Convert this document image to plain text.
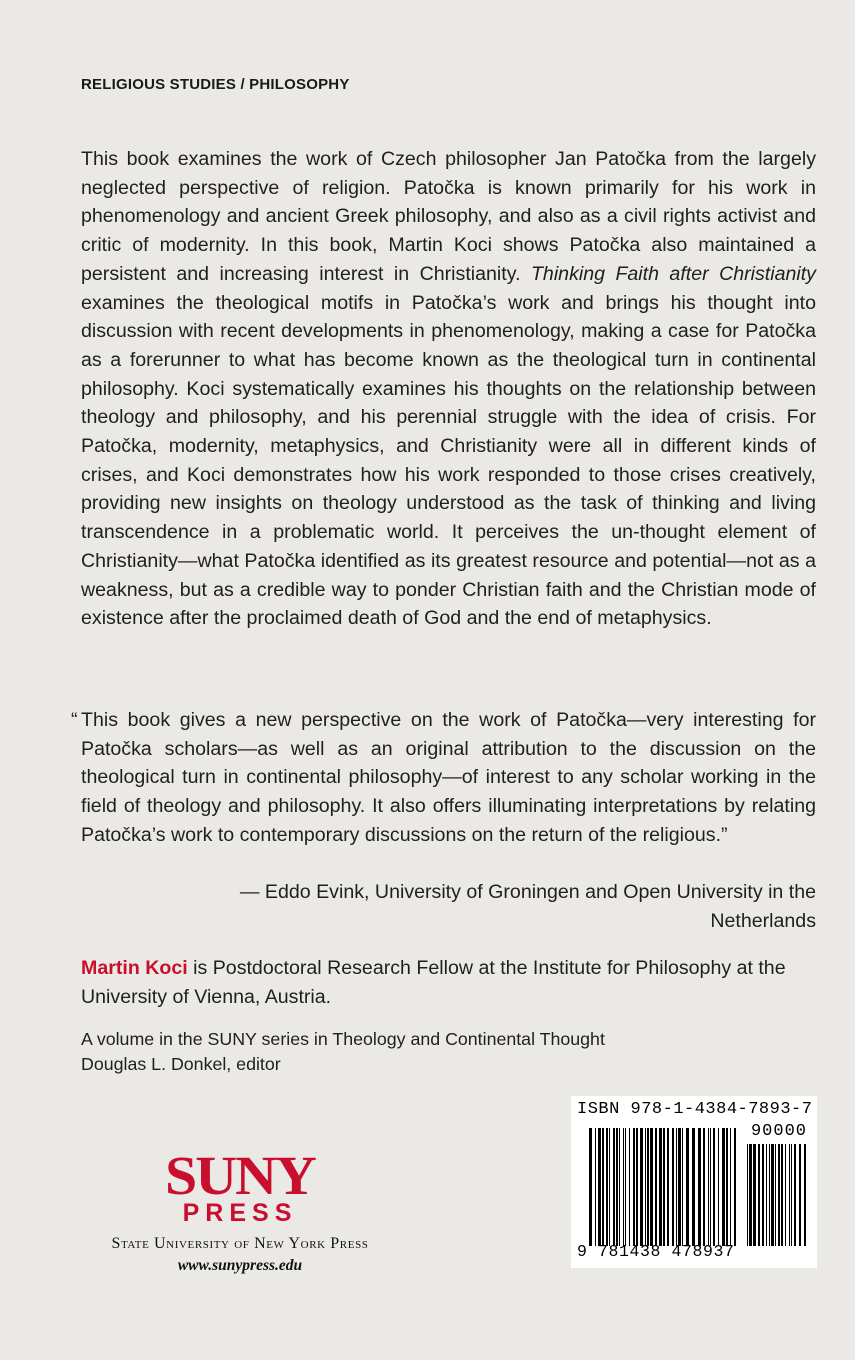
RELIGIOUS STUDIES / PHILOSOPHY

This book examines the work of Czech philosopher Jan Patočka from the largely neglected perspective of religion. Patočka is known primarily for his work in phenomenology and ancient Greek philosophy, and also as a civil rights activist and critic of modernity. In this book, Martin Koci shows Patočka also maintained a persistent and increasing interest in Christianity. Thinking Faith after Christianity examines the theological motifs in Patočka’s work and brings his thought into discussion with recent developments in phenomenology, making a case for Patočka as a forerunner to what has become known as the theological turn in continental philosophy. Koci systematically examines his thoughts on the relationship between theology and philosophy, and his perennial struggle with the idea of crisis. For Patočka, modernity, metaphysics, and Christianity were all in different kinds of crises, and Koci demonstrates how his work responded to those crises creatively, providing new insights on theology understood as the task of thinking and living transcendence in a problematic world. It perceives the un-thought element of Christianity—what Patočka identified as its greatest resource and potential—not as a weakness, but as a credible way to ponder Christian faith and the Christian mode of existence after the proclaimed death of God and the end of metaphysics.

“ This book gives a new perspective on the work of Patočka—very interesting for Patočka scholars—as well as an original attribution to the discussion on the theological turn in continental philosophy—of interest to any scholar working in the field of theology and philosophy. It also offers illuminating interpretations by relating Patočka’s work to contemporary discussions on the return of the religious.”

— Eddo Evink, University of Groningen and Open University in the Netherlands

Martin Koci is Postdoctoral Research Fellow at the Institute for Philosophy at the University of Vienna, Austria.

A volume in the SUNY series in Theology and Continental Thought
Douglas L. Donkel, editor
SUNY
PRESS
State University of New York Press
www.sunypress.edu
ISBN 978-1-4384-7893-7
90000
9 781438 478937
